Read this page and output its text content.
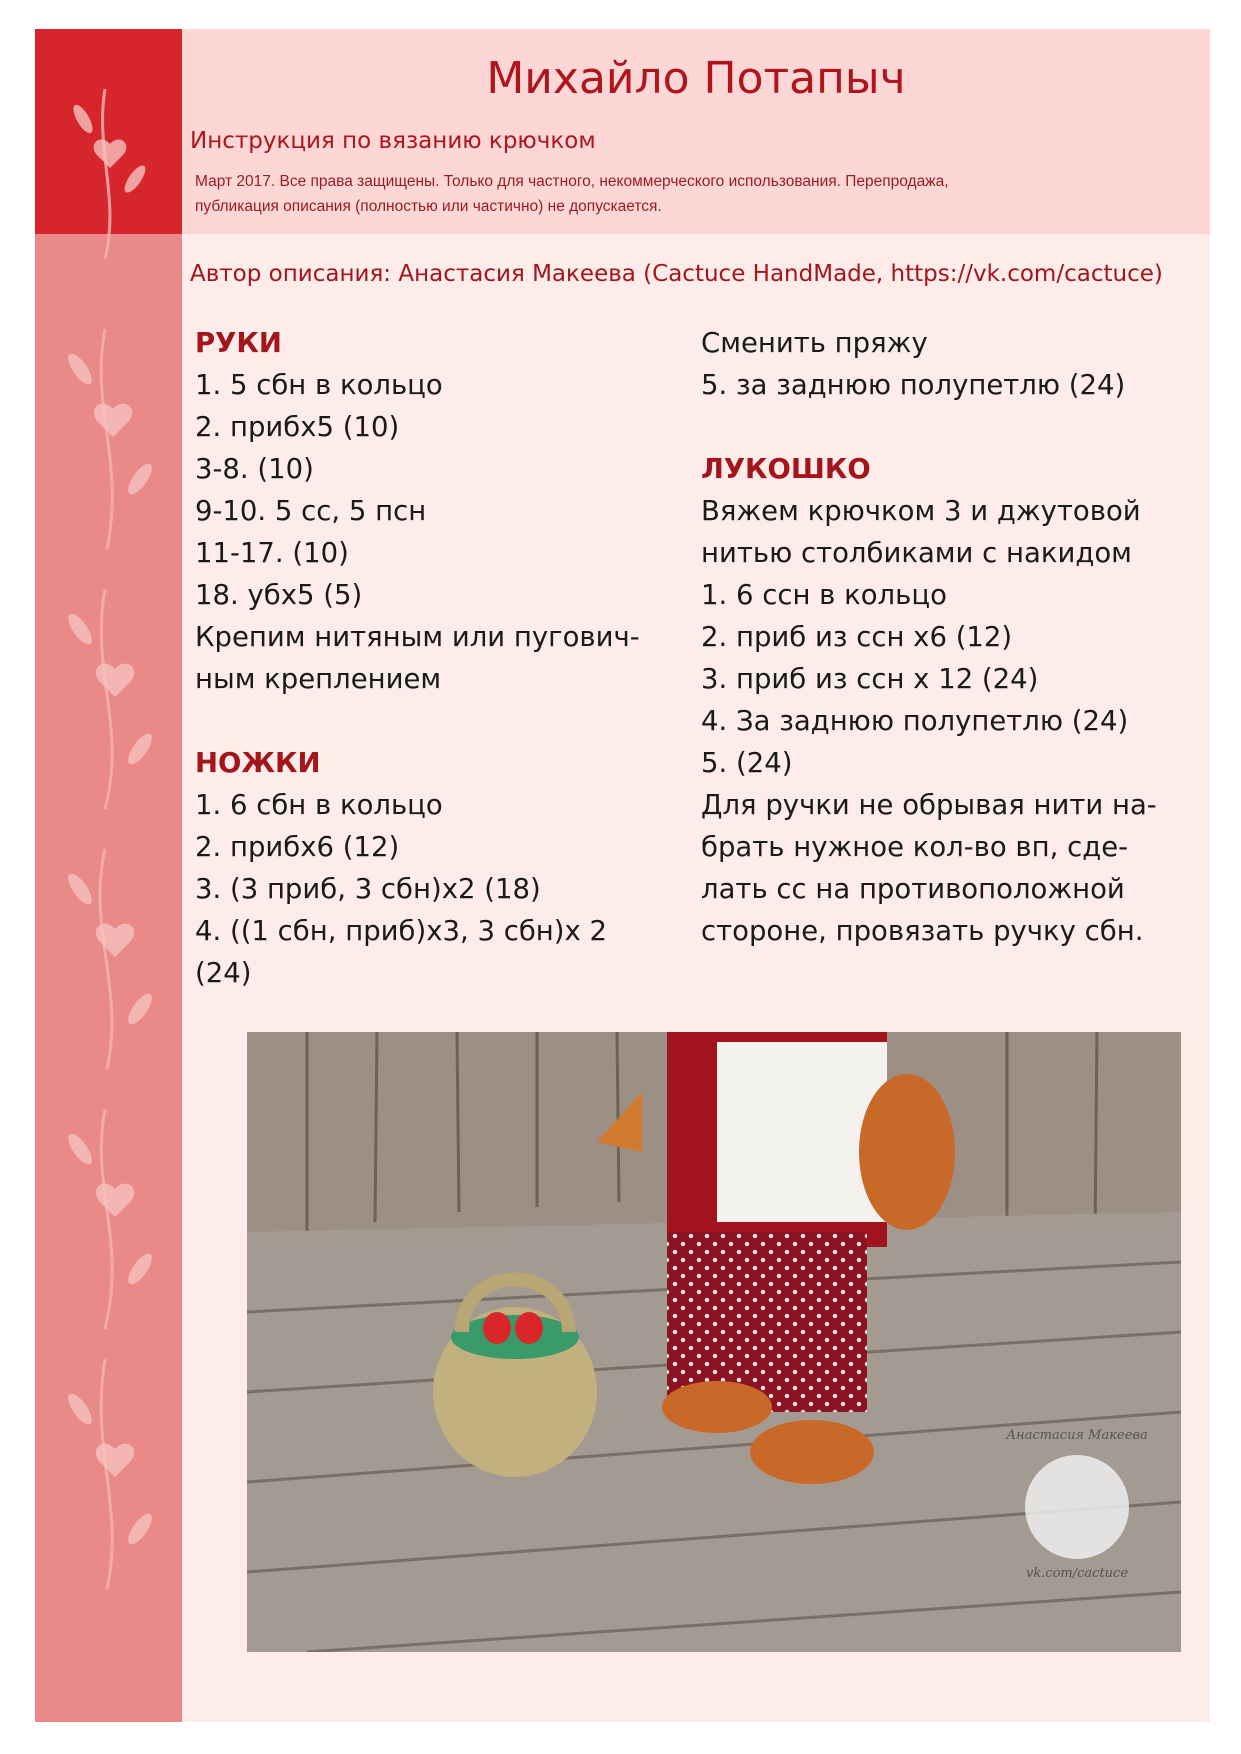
Михайло Потапыч
Инструкция по вязанию крючком
Март 2017. Все права защищены. Только для частного, некоммерческого использования. Перепродажа,
публикация описания (полностью или частично) не допускается.
Автор описания: Анастасия Макеева (Cactuce HandMade, https://vk.com/cactuce)
РУКИ
1. 5 сбн в кольцо
2. прибх5 (10)
3-8. (10)
9-10. 5 сс, 5 псн
11-17. (10)
18. убх5 (5)
Крепим нитяным или пугович-
ным креплением
НОЖКИ
1. 6 сбн в кольцо
2. прибх6 (12)
3. (3 приб, 3 сбн)х2 (18)
4. ((1 сбн, приб)х3, 3 сбн)х 2
(24)
Сменить пряжу
5. за заднюю полупетлю (24)
ЛУКОШКО
Вяжем крючком 3 и джутовой
нитью столбиками с накидом
1. 6 ссн в кольцо
2. приб из ссн х6 (12)
3. приб из ссн х 12 (24)
4. За заднюю полупетлю (24)
5. (24)
Для ручки не обрывая нити на-
брать нужное кол-во вп, сде-
лать сс на противоположной
стороне, провязать ручку сбн.
Анастасия Макеева
vk.com/cactuce
